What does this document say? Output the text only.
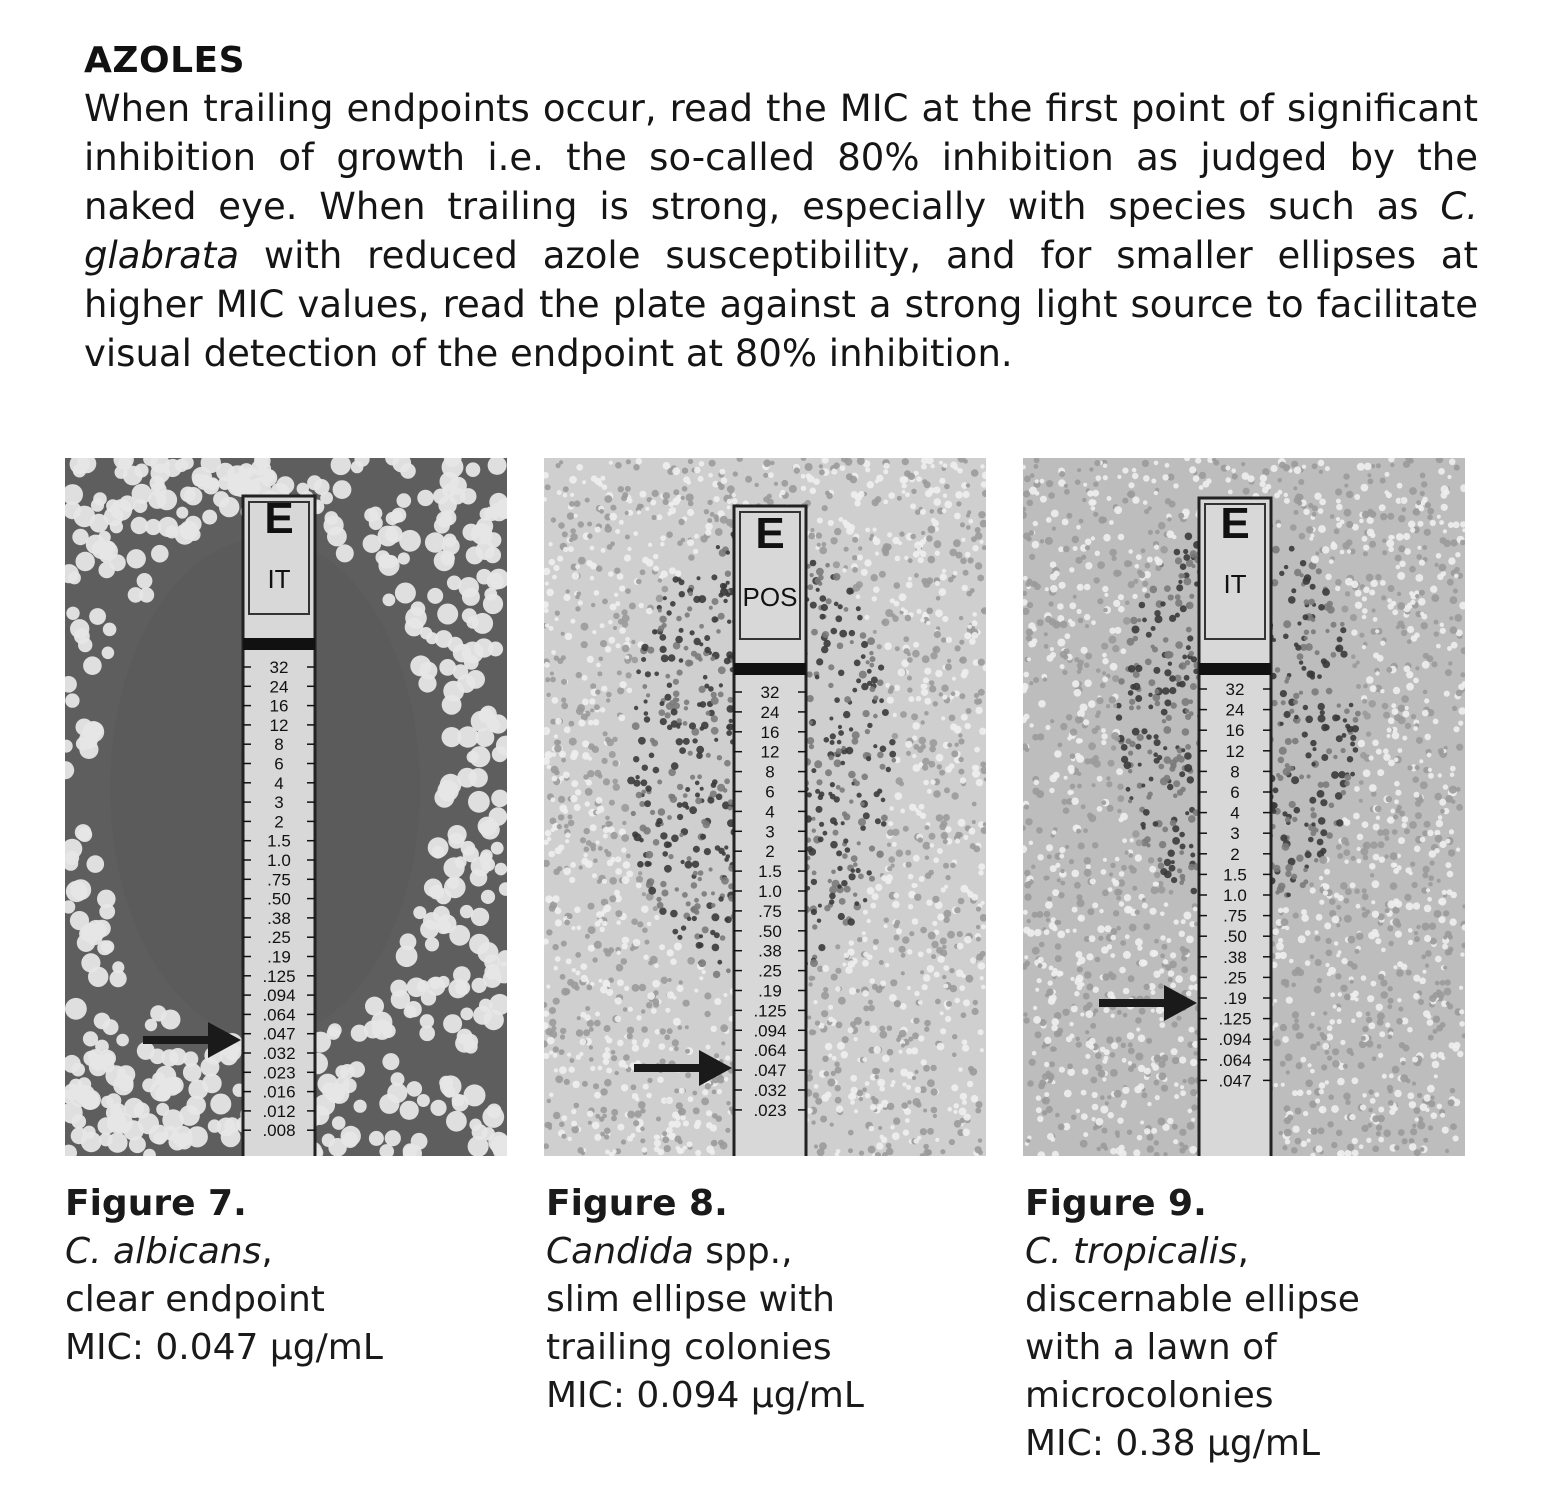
AZOLES

When trailing endpoints occur, read the MIC at the first point of significant inhibition of growth i.e. the so-called 80% inhibition as judged by the naked eye. When trailing is strong, especially with species such as C. glabrata with reduced azole susceptibility, and for smaller ellipses at higher MIC values, read the plate against a strong light source to facilitate visual detection of the endpoint at 80% inhibition.

E
IT
32
24
16
12
8
6
4
3
2
1.5
1.0
.75
.50
.38
.25
.19
.125
.094
.064
.047
.032
.023
.016
.012
.008
Figure 7.
C. albicans,
clear endpoint
MIC: 0.047 µg/mL
E
POS
32
24
16
12
8
6
4
3
2
1.5
1.0
.75
.50
.38
.25
.19
.125
.094
.064
.047
.032
.023
Figure 8.
Candida spp.,
slim ellipse with
trailing colonies
MIC: 0.094 µg/mL
E
IT
32
24
16
12
8
6
4
3
2
1.5
1.0
.75
.50
.38
.25
.19
.125
.094
.064
.047
Figure 9.
C. tropicalis,
discernable ellipse
with a lawn of
microcolonies
MIC: 0.38 µg/mL
